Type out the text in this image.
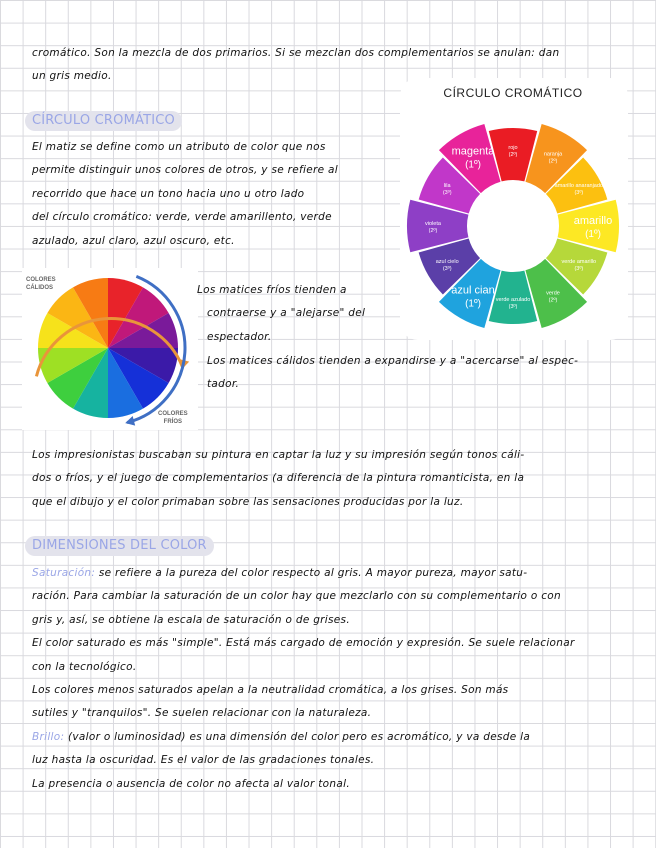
cromático. Son la mezcla de dos primarios. Si se mezclan dos complementarios se anulan: dan
un gris medio.
CÍRCULO CROMÁTICO
El matiz se define como un atributo de color que nos
permite distinguir unos colores de otros, y se refiere al
recorrido que hace un tono hacia uno u otro lado
del círculo cromático: verde, verde amarillento, verde
azulado, azul claro, azul oscuro, etc.
CÍRCULO CROMÁTICO
magenta
(1º)
rojo
(2º)	naranja
(2º)
amarillo anaranjado
(3º)
amarillo
(1º)
verde amarillo
(3º)
verde
(2º)
verde azulado
(3º)
azul cian
(1º)
azul cielo
(3º)
violeta
(2º)
lila
(3º)
COLORES
CÁLIDOS
COLORES
FRÍOS
Los matices fríos tienden a
contraerse y a "alejarse" del
espectador.
Los matices cálidos tienden a expandirse y a "acercarse" al espec-
tador.
Los impresionistas buscaban su pintura en captar la luz y su impresión según tonos cáli-
dos o fríos, y el juego de complementarios (a diferencia de la pintura romanticista, en la
que el dibujo y el color primaban sobre las sensaciones producidas por la luz.
DIMENSIONES DEL COLOR
Saturación: se refiere a la pureza del color respecto al gris. A mayor pureza, mayor satu-
ración. Para cambiar la saturación de un color hay que mezclarlo con su complementario o con
gris y, así, se obtiene la escala de saturación o de grises.
El color saturado es más "simple". Está más cargado de emoción y expresión. Se suele relacionar
con la tecnológico.
Los colores menos saturados apelan a la neutralidad cromática, a los grises. Son más
sutiles y "tranquilos". Se suelen relacionar con la naturaleza.
Brillo: (valor o luminosidad) es una dimensión del color pero es acromático, y va desde la
luz hasta la oscuridad. Es el valor de las gradaciones tonales.
La presencia o ausencia de color no afecta al valor tonal.
